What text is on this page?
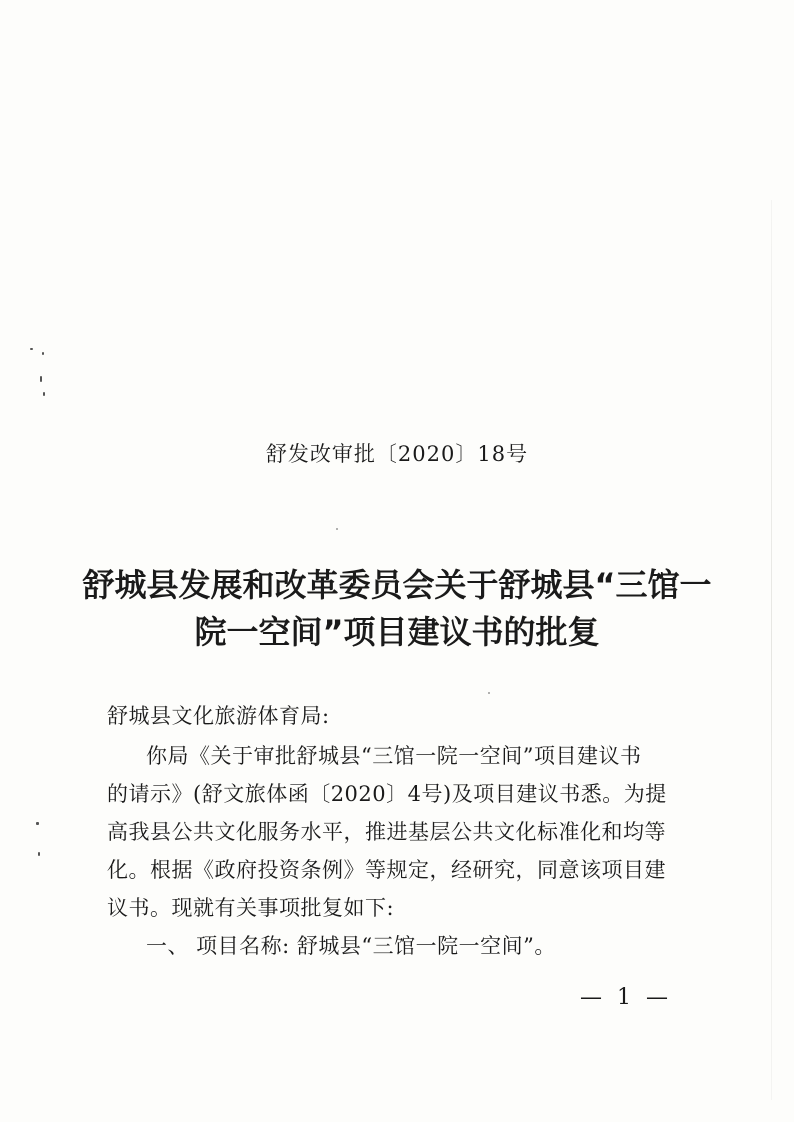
舒发改审批〔2020〕18号
舒城县发展和改革委员会关于舒城县“三馆一
院一空间”项目建议书的批复
舒城县文化旅游体育局:
你局《关于审批舒城县“三馆一院一空间”项目建议书
的请示》(舒文旅体函〔2020〕4号)及项目建议书悉。为提
高我县公共文化服务水平，推进基层公共文化标准化和均等
化。根据《政府投资条例》等规定，经研究，同意该项目建
议书。现就有关事项批复如下:
一、 项目名称: 舒城县“三馆一院一空间”。
— 1 —
